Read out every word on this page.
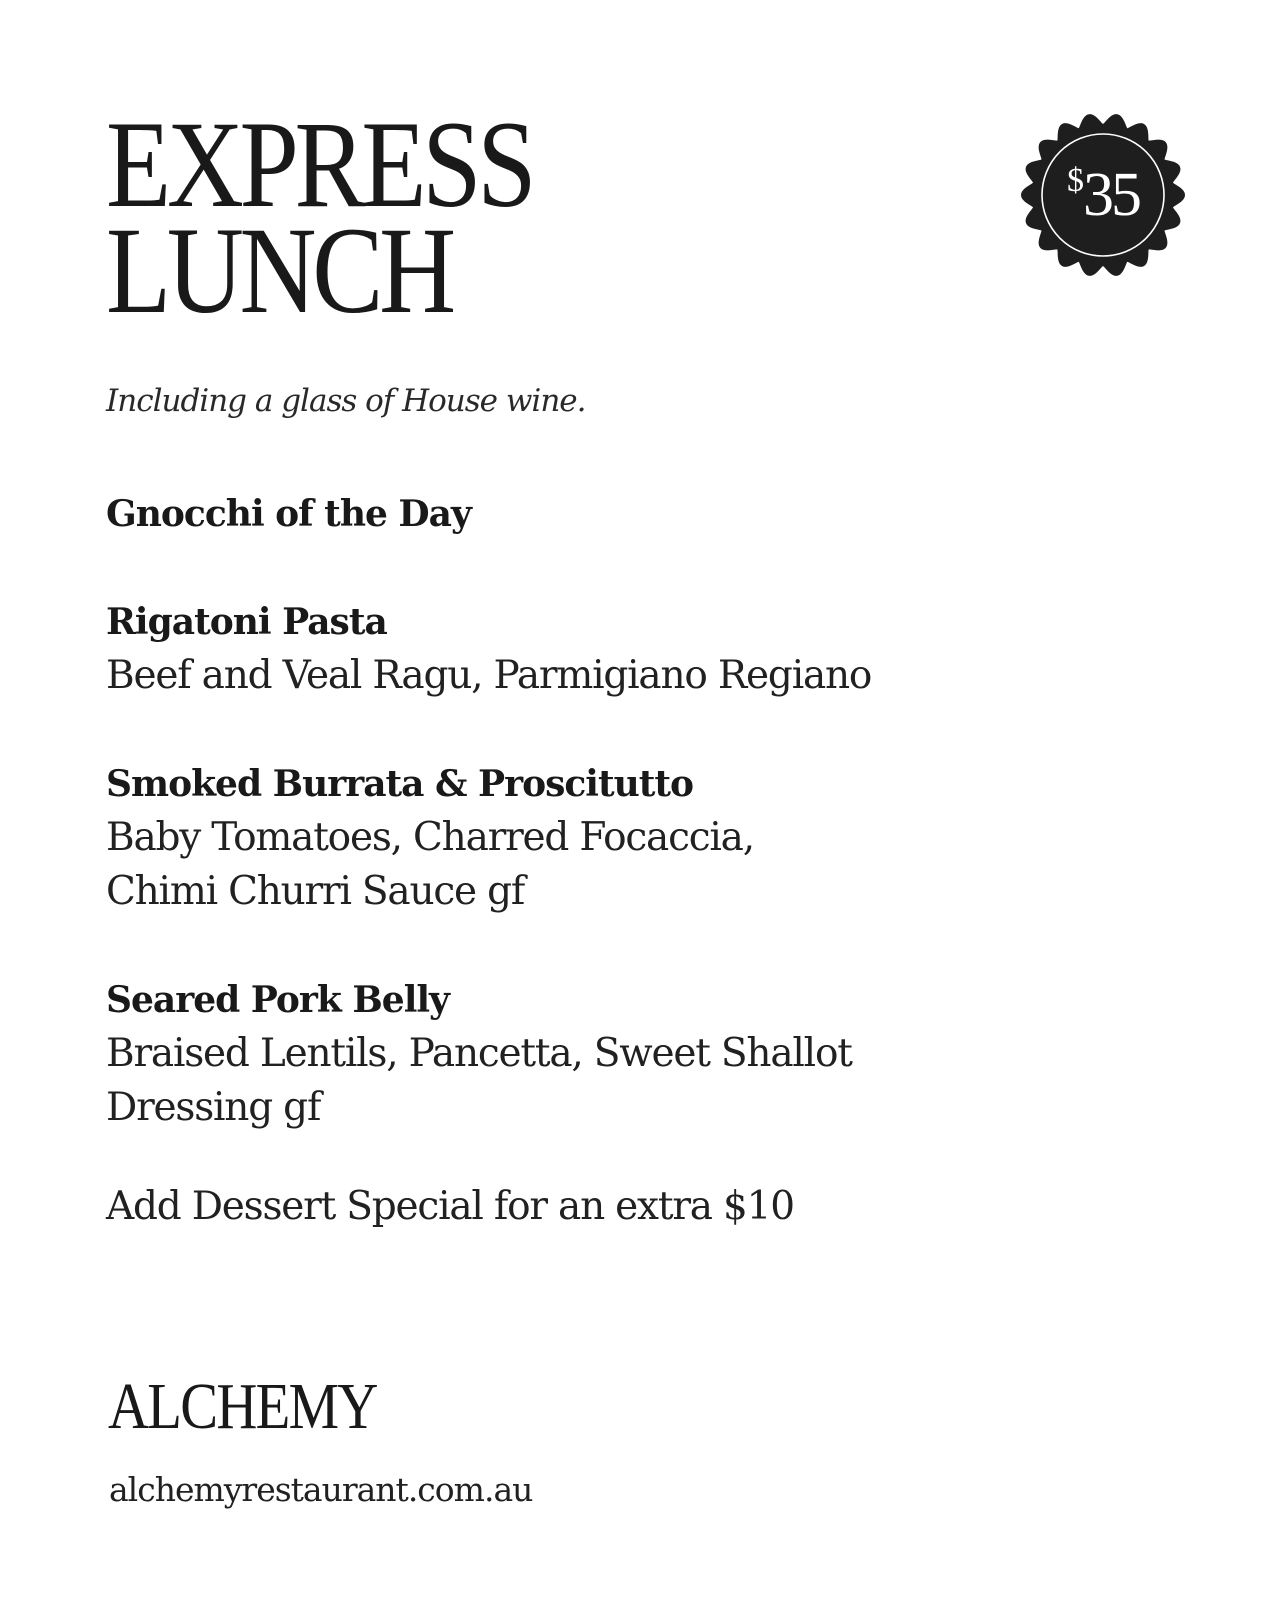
EXPRESS
LUNCH
$ 35

Including a glass of House wine.

Gnocchi of the Day
Rigatoni Pasta
Beef and Veal Ragu, Parmigiano Regiano
Smoked Burrata & Proscitutto
Baby Tomatoes, Charred Focaccia,
Chimi Churri Sauce gf
Seared Pork Belly
Braised Lentils, Pancetta, Sweet Shallot
Dressing gf

Add Dessert Special for an extra $10

ALCHEMY

alchemyrestaurant.com.au
